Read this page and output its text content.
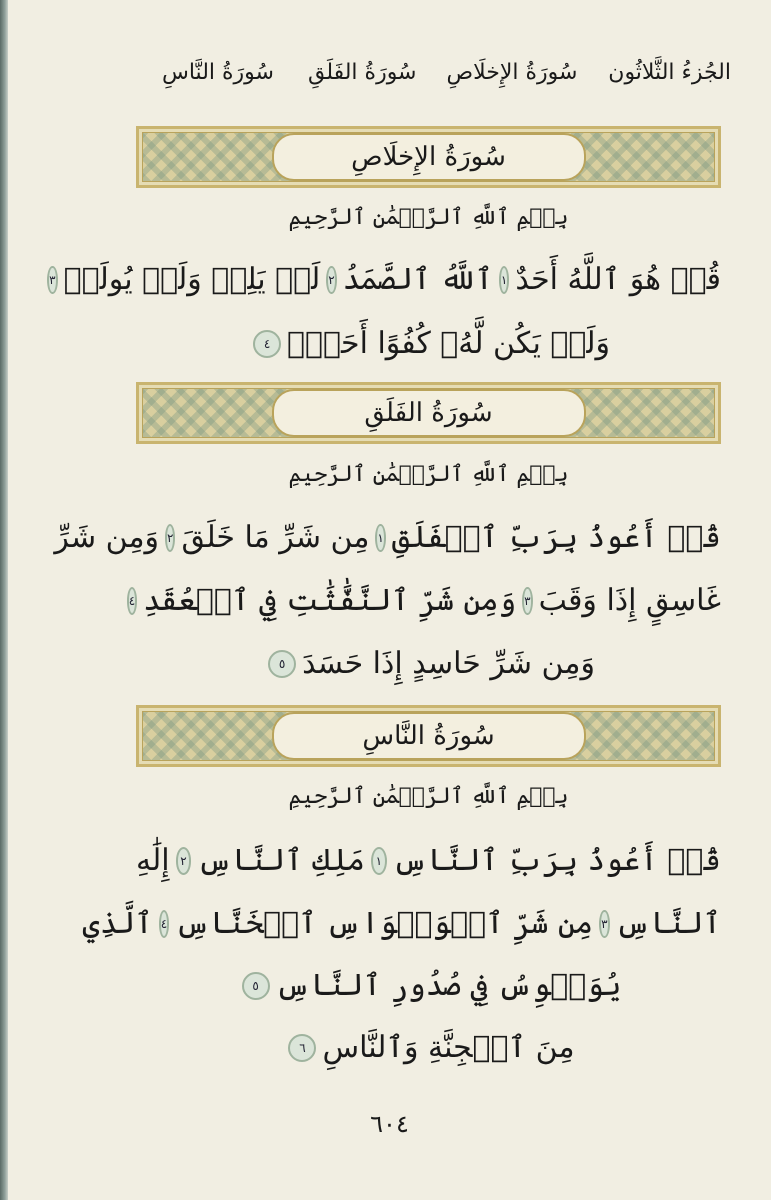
الجُزءُ الثَّلاثُون
سُورَةُ الإِخلَاصِ
سُورَةُ الفَلَقِ
سُورَةُ النَّاسِ
سُورَةُ الإِخلَاصِ
بِسۡمِ ٱللَّهِ ٱلرَّحۡمَٰنِ ٱلرَّحِيمِ
قُلۡ هُوَ ٱللَّهُ أَحَدٌ
١
ٱللَّهُ ٱلصَّمَدُ
٢
لَمۡ يَلِدۡ وَلَمۡ يُولَدۡ
٣
وَلَمۡ يَكُن لَّهُۥ كُفُوًا أَحَدُۢ
٤
سُورَةُ الفَلَقِ
بِسۡمِ ٱللَّهِ ٱلرَّحۡمَٰنِ ٱلرَّحِيمِ
قُلۡ أَعُوذُ بِرَبِّ ٱلۡفَلَقِ
١
مِن شَرِّ مَا خَلَقَ
٢
وَمِن شَرِّ
غَاسِقٍ إِذَا وَقَبَ
٣
وَمِن شَرِّ ٱلنَّفَّٰثَٰتِ فِي ٱلۡعُقَدِ
٤
وَمِن شَرِّ حَاسِدٍ إِذَا حَسَدَ
٥
سُورَةُ النَّاسِ
بِسۡمِ ٱللَّهِ ٱلرَّحۡمَٰنِ ٱلرَّحِيمِ
قُلۡ أَعُوذُ بِرَبِّ ٱلنَّاسِ
١
مَلِكِ ٱلنَّاسِ
٢
إِلَٰهِ
ٱلنَّاسِ
٣
مِن شَرِّ ٱلۡوَسۡوَاسِ ٱلۡخَنَّاسِ
٤
ٱلَّذِي
يُوَسۡوِسُ فِي صُدُورِ ٱلنَّاسِ
٥
مِنَ ٱلۡجِنَّةِ وَٱلنَّاسِ
٦
٦٠٤
